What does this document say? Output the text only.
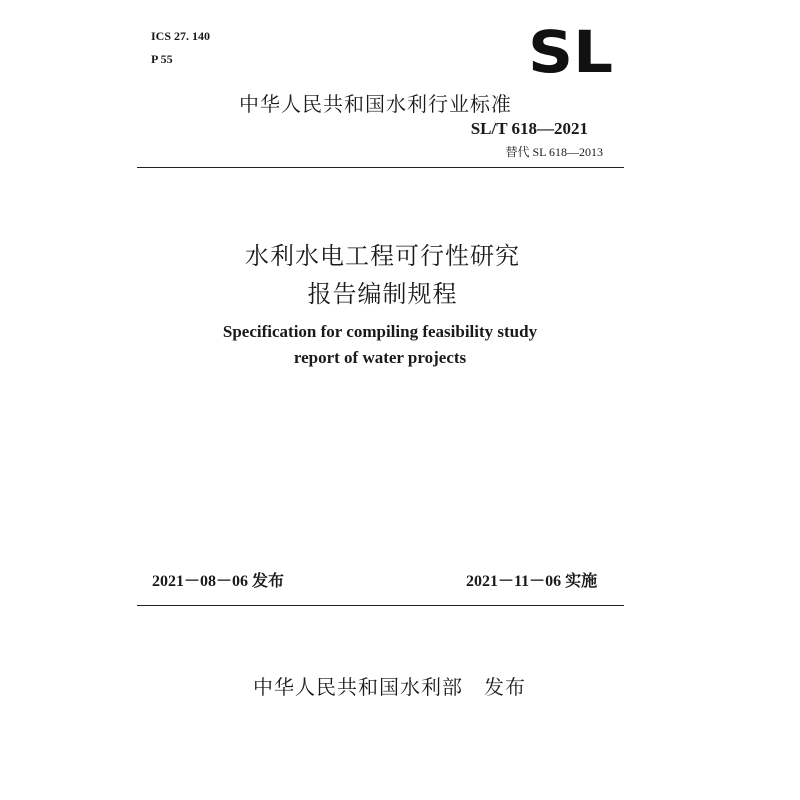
ICS 27. 140
P 55	SL
中华人民共和国水利行业标准
SL/T 618—2021
替代 SL 618—2013
水利水电工程可行性研究
报告编制规程
Specification for compiling feasibility study
report of water projects
2021－08－06 发布	2021－11－06 实施
中华人民共和国水利部　发布
